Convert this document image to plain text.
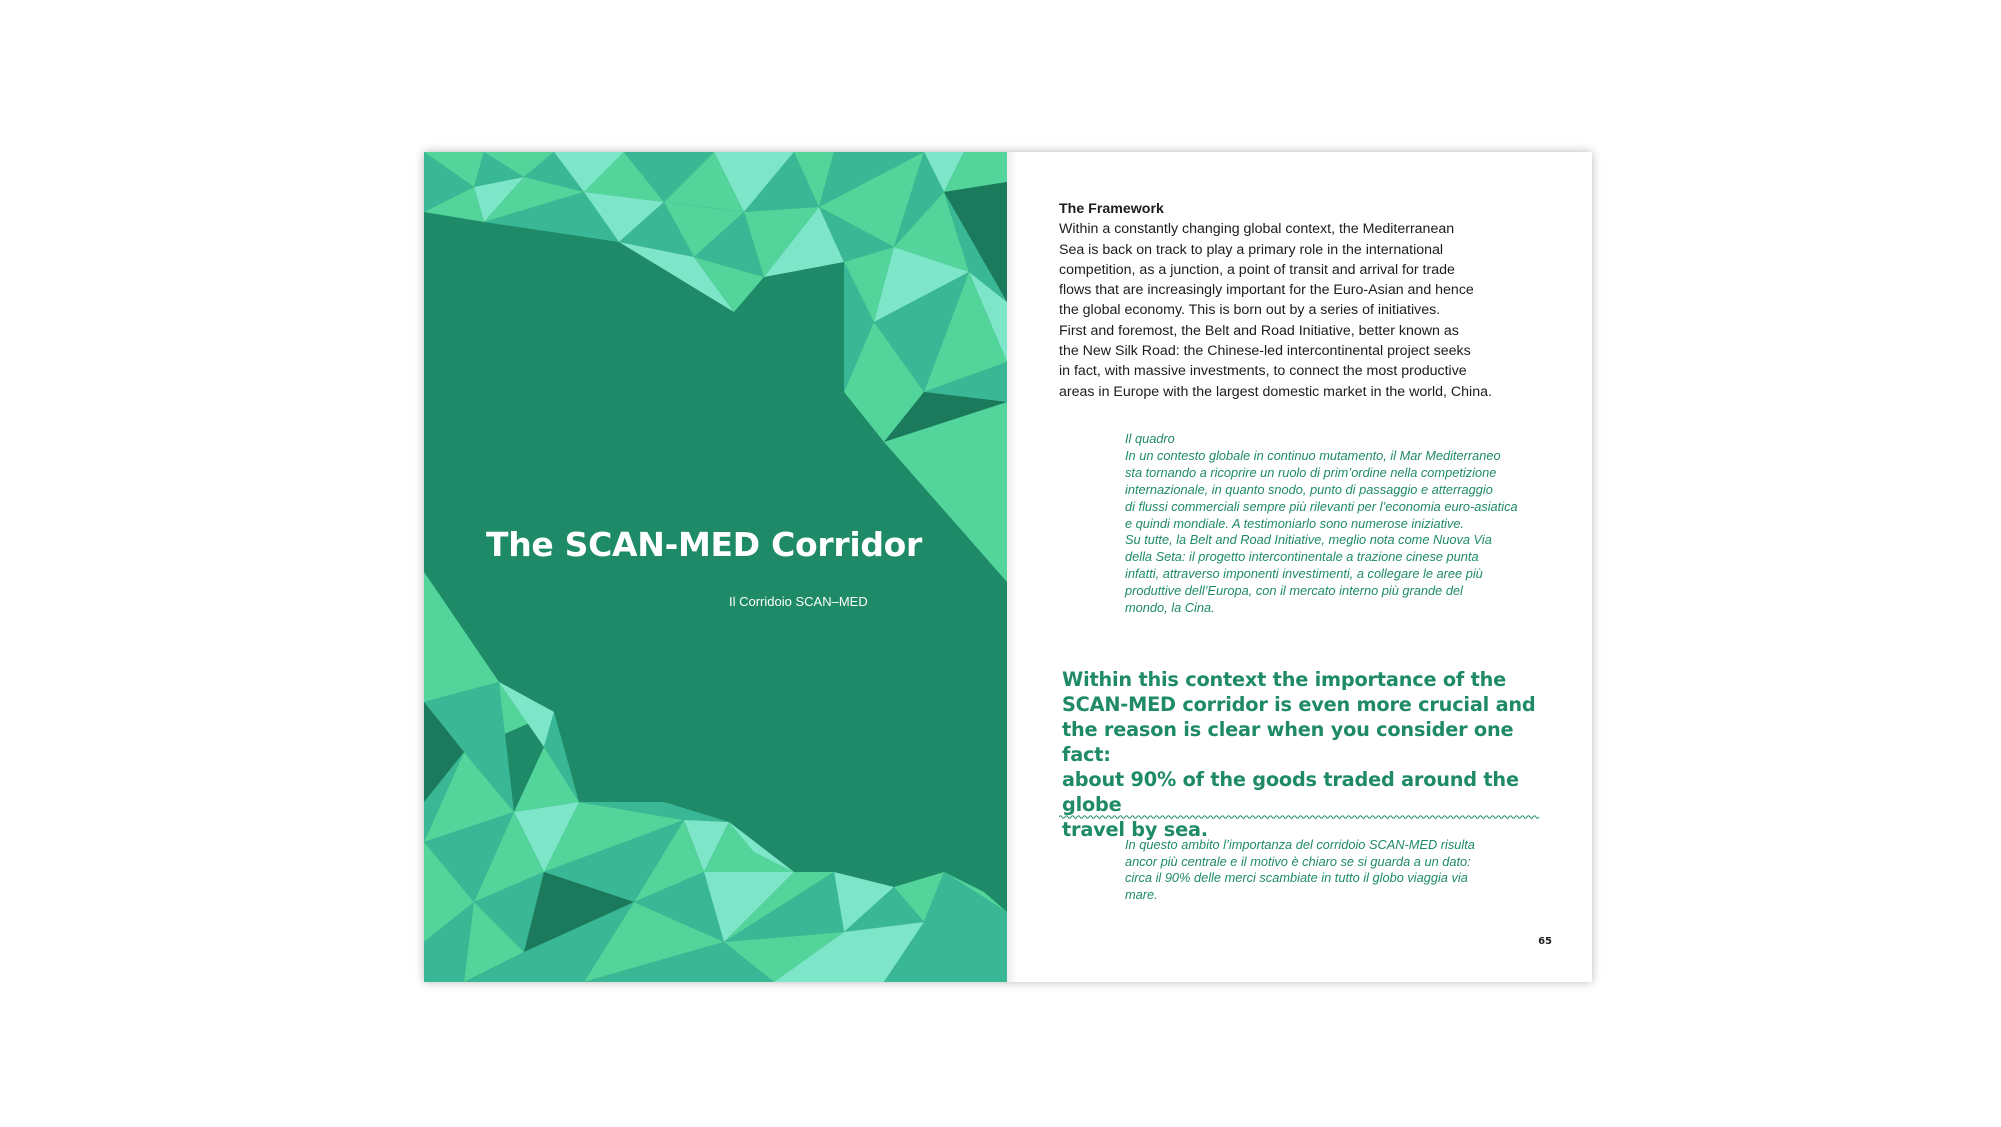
The SCAN-MED Corridor
Il Corridoio SCAN–MED
The Framework
Within a constantly changing global context, the Mediterranean
Sea is back on track to play a primary role in the international
competition, as a junction, a point of transit and arrival for trade
flows that are increasingly important for the Euro-Asian and hence
the global economy. This is born out by a series of initiatives.
First and foremost, the Belt and Road Initiative, better known as
the New Silk Road: the Chinese-led intercontinental project seeks
in fact, with massive investments, to connect the most productive
areas in Europe with the largest domestic market in the world, China.
Il quadro
In un contesto globale in continuo mutamento, il Mar Mediterraneo
sta tornando a ricoprire un ruolo di prim’ordine nella competizione
internazionale, in quanto snodo, punto di passaggio e atterraggio
di flussi commerciali sempre più rilevanti per l’economia euro-asiatica
e quindi mondiale. A testimoniarlo sono numerose iniziative.
Su tutte, la Belt and Road Initiative, meglio nota come Nuova Via
della Seta: il progetto intercontinentale a trazione cinese punta
infatti, attraverso imponenti investimenti, a collegare le aree più
produttive dell’Europa, con il mercato interno più grande del
mondo, la Cina.

Within this context the importance of the
SCAN-MED corridor is even more crucial and
the reason is clear when you consider one fact:
about 90% of the goods traded around the globe
travel by sea.

In questo ambito l’importanza del corridoio SCAN-MED risulta
ancor più centrale e il motivo è chiaro se si guarda a un dato:
circa il 90% delle merci scambiate in tutto il globo viaggia via
mare.
65
